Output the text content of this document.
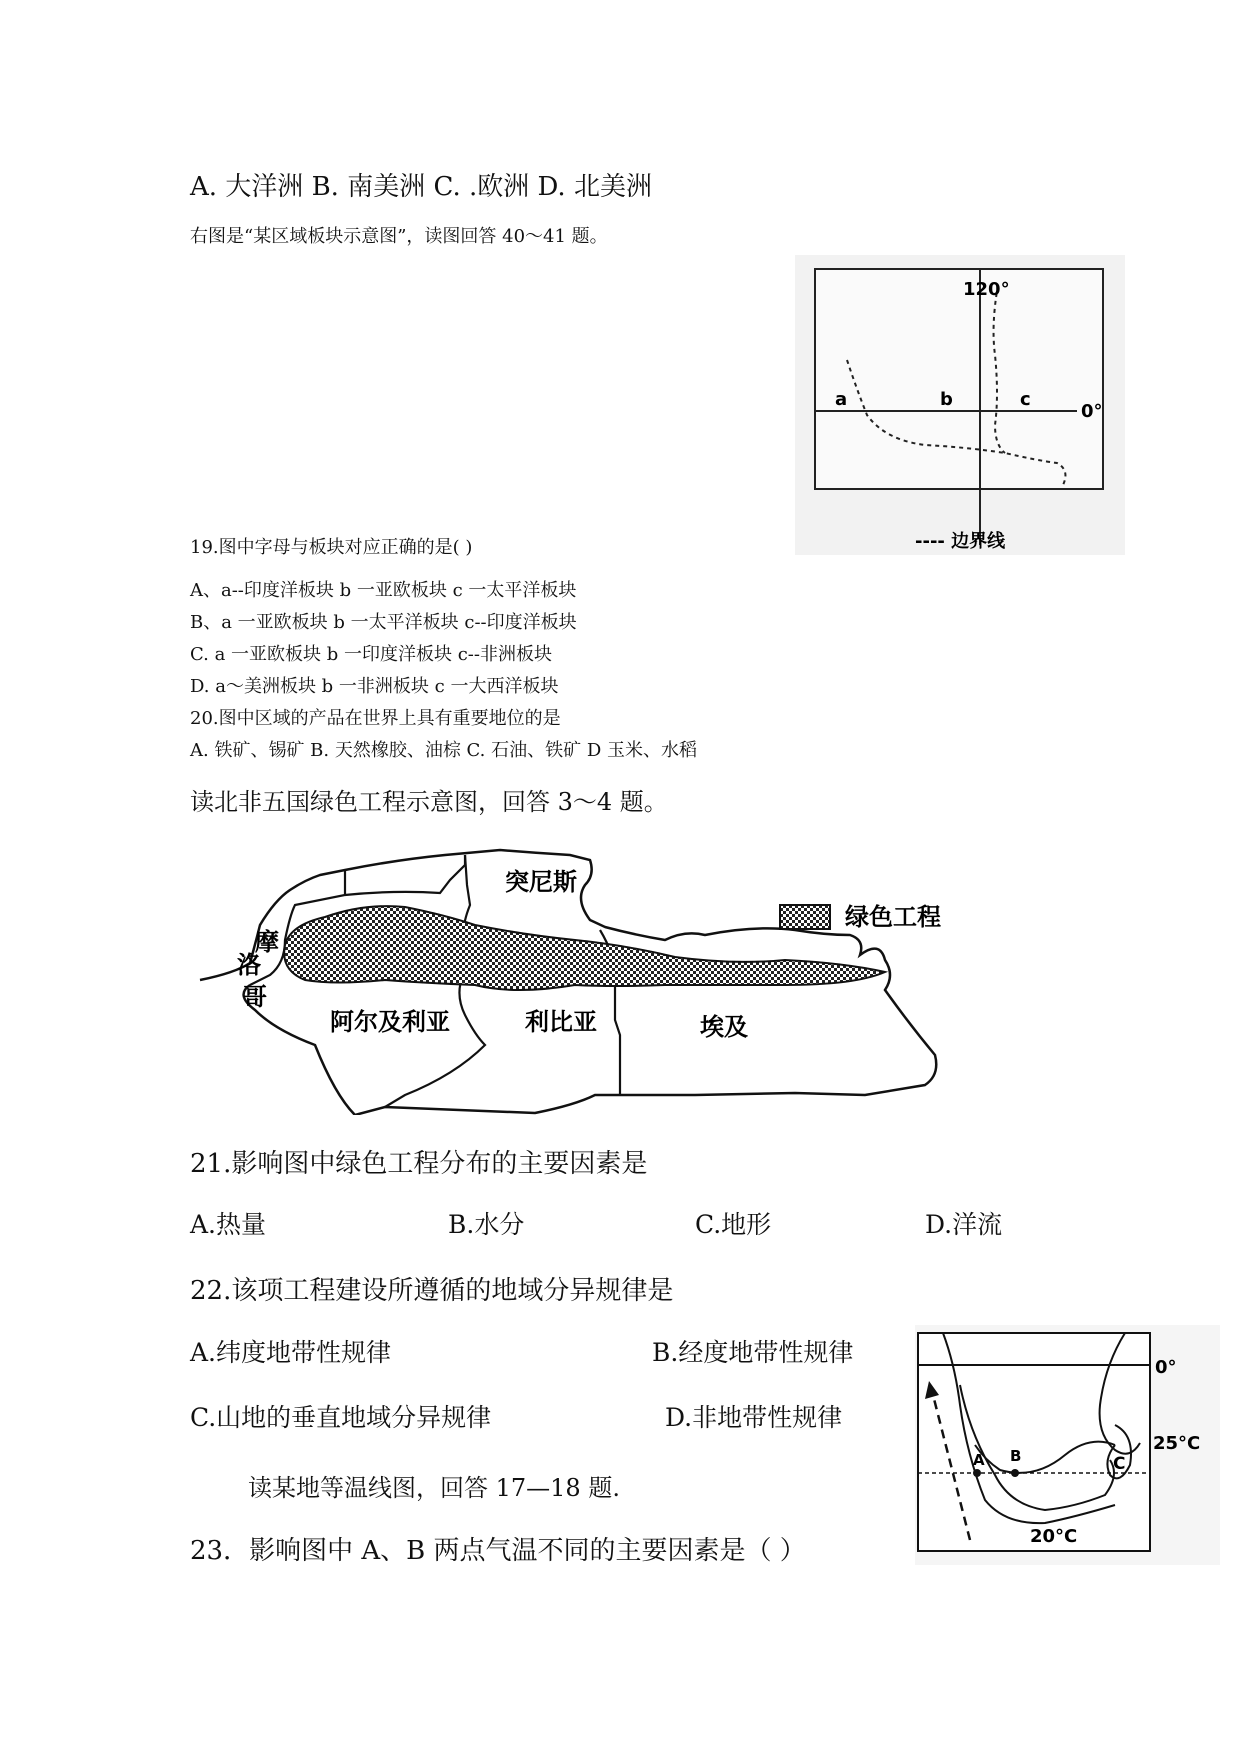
A. 大洋洲 B. 南美洲 C. .欧洲 D. 北美洲
右图是“某区域板块示意图”，读图回答 40～41 题。
120°
0°
a	b	c
---- 边界线
19.图中字母与板块对应正确的是( )
A、a--印度洋板块 b 一亚欧板块 c 一太平洋板块
B、a 一亚欧板块 b 一太平洋板块 c--印度洋板块
C. a 一亚欧板块 b 一印度洋板块 c--非洲板块
D. a～美洲板块 b 一非洲板块 c 一大西洋板块
20.图中区域的产品在世界上具有重要地位的是
A. 铁矿、锡矿 B. 天然橡胶、油棕 C. 石油、铁矿 D 玉米、水稻
读北非五国绿色工程示意图，回答 3～4 题。
摩
洛
哥
突尼斯
阿尔及利亚	利比亚	埃及
绿色工程
21.影响图中绿色工程分布的主要因素是
A.热量	B.水分	C.地形	D.洋流
22.该项工程建设所遵循的地域分异规律是
A.纬度地带性规律	B.经度地带性规律
C.山地的垂直地域分异规律	D.非地带性规律
读某地等温线图，回答 17—18 题.
0°
25°C
20°C
A B	C
23．影响图中 A、B 两点气温不同的主要因素是（ ）
